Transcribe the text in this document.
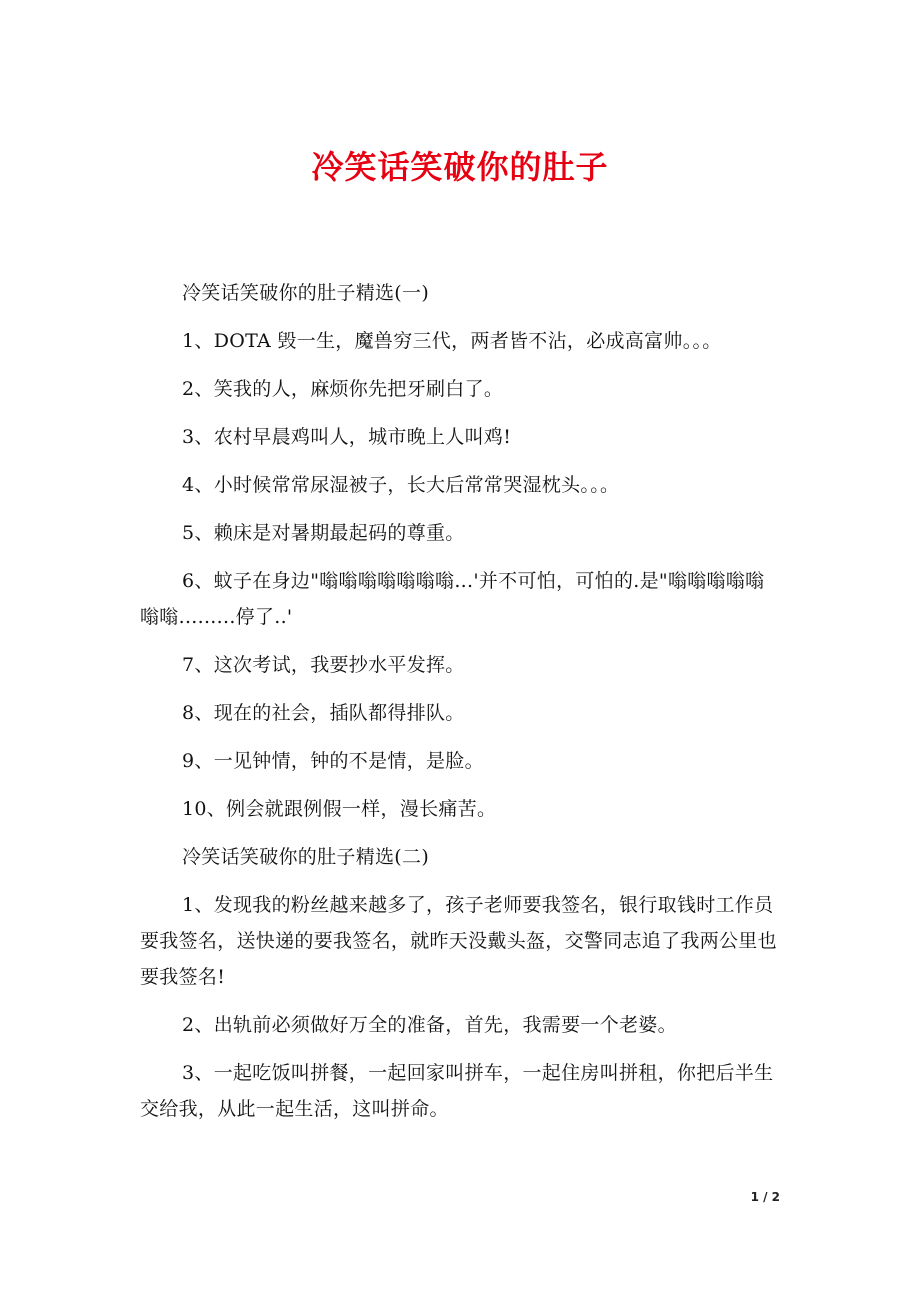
冷笑话笑破你的肚子

冷笑话笑破你的肚子精选(一)

1、DOTA 毁一生，魔兽穷三代，两者皆不沾，必成高富帅。。。

2、笑我的人，麻烦你先把牙刷白了。

3、农村早晨鸡叫人，城市晚上人叫鸡!

4、小时候常常尿湿被子，长大后常常哭湿枕头。。。

5、赖床是对暑期最起码的尊重。

6、蚊子在身边"嗡嗡嗡嗡嗡嗡嗡...'并不可怕，可怕的.是"嗡嗡嗡嗡嗡嗡嗡.........停了..'

7、这次考试，我要抄水平发挥。

8、现在的社会，插队都得排队。

9、一见钟情，钟的不是情，是脸。

10、例会就跟例假一样，漫长痛苦。

冷笑话笑破你的肚子精选(二)

1、发现我的粉丝越来越多了，孩子老师要我签名，银行取钱时工作员要我签名，送快递的要我签名，就昨天没戴头盔，交警同志追了我两公里也要我签名!

2、出轨前必须做好万全的准备，首先，我需要一个老婆。

3、一起吃饭叫拼餐，一起回家叫拼车，一起住房叫拼租，你把后半生交给我，从此一起生活，这叫拼命。

1 / 2
